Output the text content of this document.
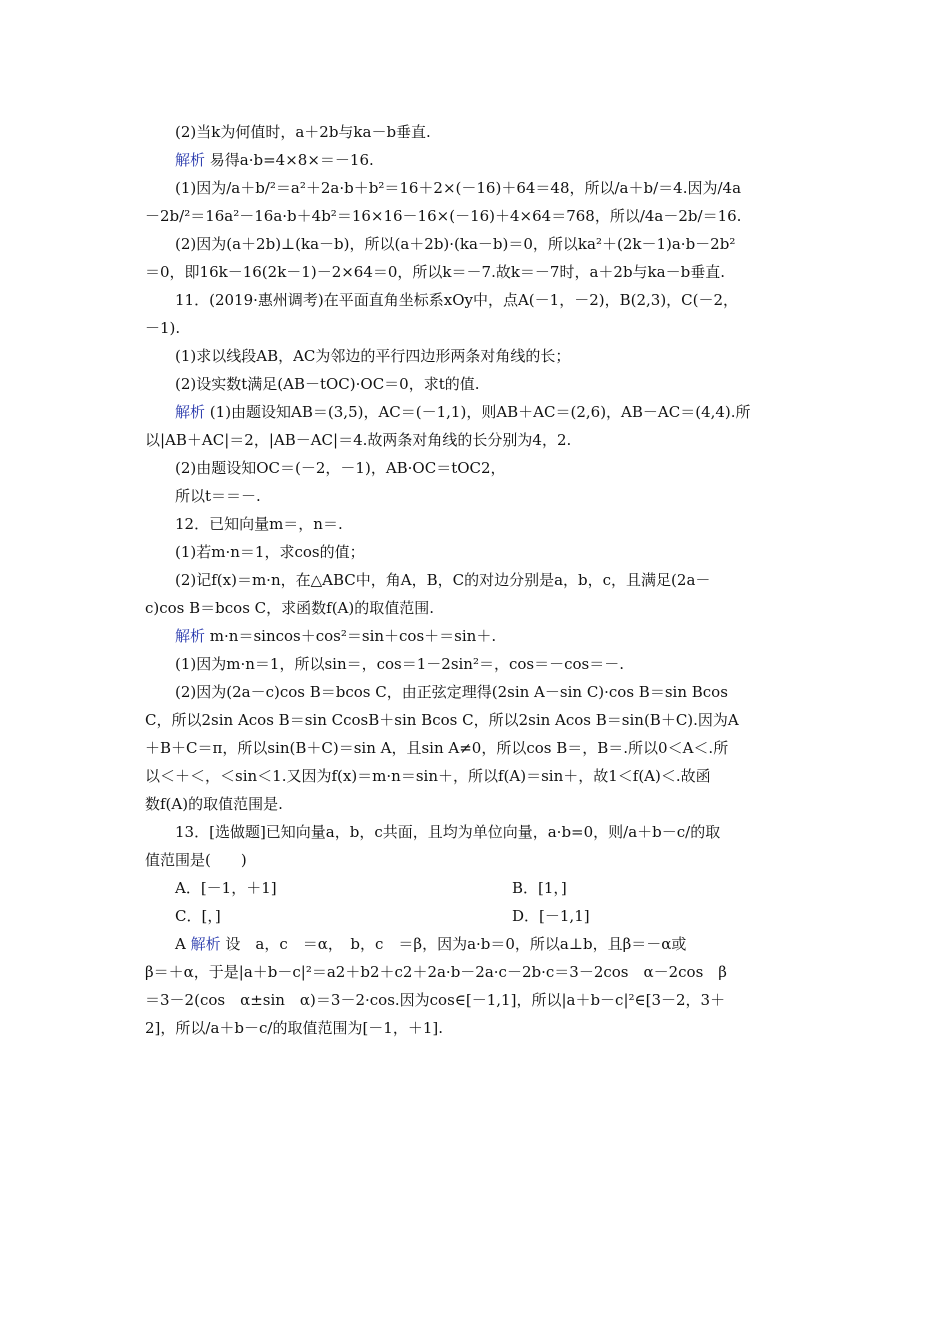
(2)当k为何值时，a＋2b与ka－b垂直.
解析 易得a·b=4×8×＝－16.
(1)因为/a＋b/²＝a²＋2a·b＋b²＝16＋2×(－16)＋64＝48，所以/a＋b/＝4.因为/4a
－2b/²＝16a²－16a·b＋4b²＝16×16－16×(－16)＋4×64＝768，所以/4a－2b/＝16.
(2)因为(a＋2b)⊥(ka－b)，所以(a＋2b)·(ka－b)＝0，所以ka²＋(2k－1)a·b－2b²
＝0，即16k－16(2k－1)－2×64＝0，所以k＝－7.故k＝－7时，a＋2b与ka－b垂直.
11．(2019·惠州调考)在平面直角坐标系xOy中，点A(－1，－2)，B(2,3)，C(－2，
－1).
(1)求以线段AB，AC为邻边的平行四边形两条对角线的长；
(2)设实数t满足(AB－tOC)·OC＝0，求t的值.
解析 (1)由题设知AB＝(3,5)，AC＝(－1,1)，则AB＋AC＝(2,6)，AB－AC＝(4,4).所
以|AB＋AC|＝2，|AB－AC|＝4.故两条对角线的长分别为4，2.
(2)由题设知OC＝(－2，－1)，AB·OC＝tOC2，
所以t＝＝－.
12．已知向量m＝，n＝.
(1)若m·n＝1，求cos的值；
(2)记f(x)＝m·n，在△ABC中，角A，B，C的对边分别是a，b，c，且满足(2a－
c)cos B＝bcos C，求函数f(A)的取值范围.
解析 m·n＝sincos＋cos²＝sin＋cos＋＝sin＋.
(1)因为m·n＝1，所以sin＝，cos＝1－2sin²＝，cos＝－cos＝－.
(2)因为(2a－c)cos B＝bcos C，由正弦定理得(2sin A－sin C)·cos B＝sin Bcos
C，所以2sin Acos B＝sin CcosB＋sin Bcos C，所以2sin Acos B＝sin(B＋C).因为A
＋B＋C＝π，所以sin(B＋C)＝sin A，且sin A≠0，所以cos B＝，B＝.所以0＜A＜.所
以＜＋＜，＜sin＜1.又因为f(x)＝m·n＝sin＋，所以f(A)＝sin＋，故1＜f(A)＜.故函
数f(A)的取值范围是.
13．[选做题]已知向量a，b，c共面，且均为单位向量，a·b=0，则/a＋b－c/的取
值范围是(　　)
A．[－1，＋1]	B．[1，]
C．[，]	D．[－1,1]
A 解析 设　a，c　＝α，　b，c　＝β，因为a·b＝0，所以a⊥b，且β＝－α或
β＝＋α，于是|a＋b－c|²＝a2＋b2＋c2＋2a·b－2a·c－2b·c＝3－2cos　α－2cos　β
＝3－2(cos　α±sin　α)＝3－2·cos.因为cos∈[－1,1]，所以|a＋b－c|²∈[3－2，3＋
2]，所以/a＋b－c/的取值范围为[－1，＋1].
